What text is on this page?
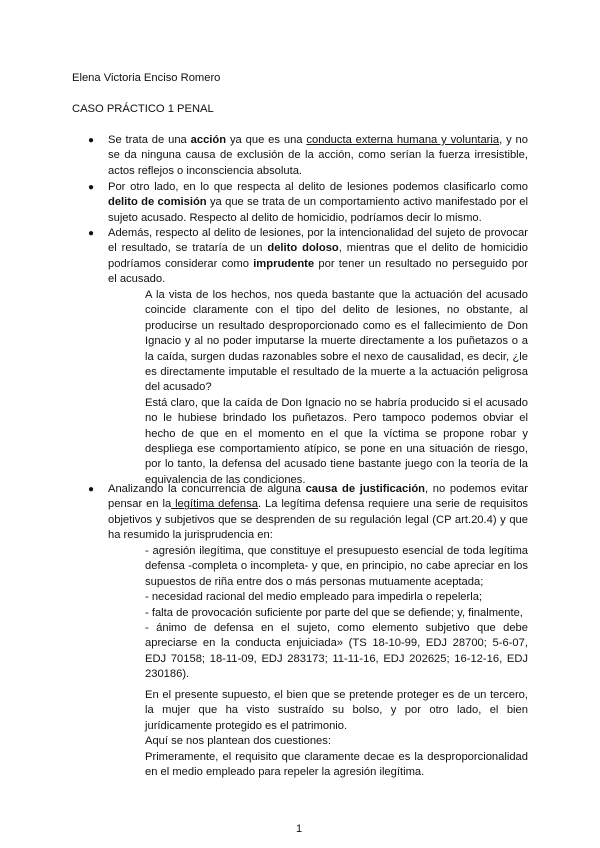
Elena Victoria Enciso Romero
CASO PRÁCTICO 1 PENAL
● Se trata de una acción ya que es una conducta externa humana y voluntaria, y no se da ninguna causa de exclusión de la acción, como serían la fuerza irresistible, actos reflejos o inconsciencia absoluta.

● Por otro lado, en lo que respecta al delito de lesiones podemos clasificarlo como delito de comisión ya que se trata de un comportamiento activo manifestado por el sujeto acusado. Respecto al delito de homicidio, podríamos decir lo mismo.

● Además, respecto al delito de lesiones, por la intencionalidad del sujeto de provocar el resultado, se trataría de un delito doloso, mientras que el delito de homicidio podríamos considerar como imprudente por tener un resultado no perseguido por el acusado.

A la vista de los hechos, nos queda bastante que la actuación del acusado coincide claramente con el tipo del delito de lesiones, no obstante, al producirse un resultado desproporcionado como es el fallecimiento de Don Ignacio y al no poder imputarse la muerte directamente a los puñetazos o a la caída, surgen dudas razonables sobre el nexo de causalidad, es decir, ¿le es directamente imputable el resultado de la muerte a la actuación peligrosa del acusado?

Está claro, que la caída de Don Ignacio no se habría producido si el acusado no le hubiese brindado los puñetazos. Pero tampoco podemos obviar el hecho de que en el momento en el que la víctima se propone robar y despliega ese comportamiento atípico, se pone en una situación de riesgo, por lo tanto, la defensa del acusado tiene bastante juego con la teoría de la equivalencia de las condiciones.

● Analizando la concurrencia de alguna causa de justificación, no podemos evitar pensar en la legítima defensa. La legítima defensa requiere una serie de requisitos objetivos y subjetivos que se desprenden de su regulación legal (CP art.20.4) y que ha resumido la jurisprudencia en:

- agresión ilegítima, que constituye el presupuesto esencial de toda legítima defensa -completa o incompleta- y que, en principio, no cabe apreciar en los supuestos de riña entre dos o más personas mutuamente aceptada;

- necesidad racional del medio empleado para impedirla o repelerla;

- falta de provocación suficiente por parte del que se defiende; y, finalmente,

- ánimo de defensa en el sujeto, como elemento subjetivo que debe apreciarse en la conducta enjuiciada» (TS 18-10-99, EDJ 28700; 5-6-07, EDJ 70158; 18-11-09, EDJ 283173; 11-11-16, EDJ 202625; 16-12-16, EDJ 230186).

En el presente supuesto, el bien que se pretende proteger es de un tercero, la mujer que ha visto sustraído su bolso, y por otro lado, el bien jurídicamente protegido es el patrimonio.

Aquí se nos plantean dos cuestiones:

Primeramente, el requisito que claramente decae es la desproporcionalidad en el medio empleado para repeler la agresión ilegítima.

1
